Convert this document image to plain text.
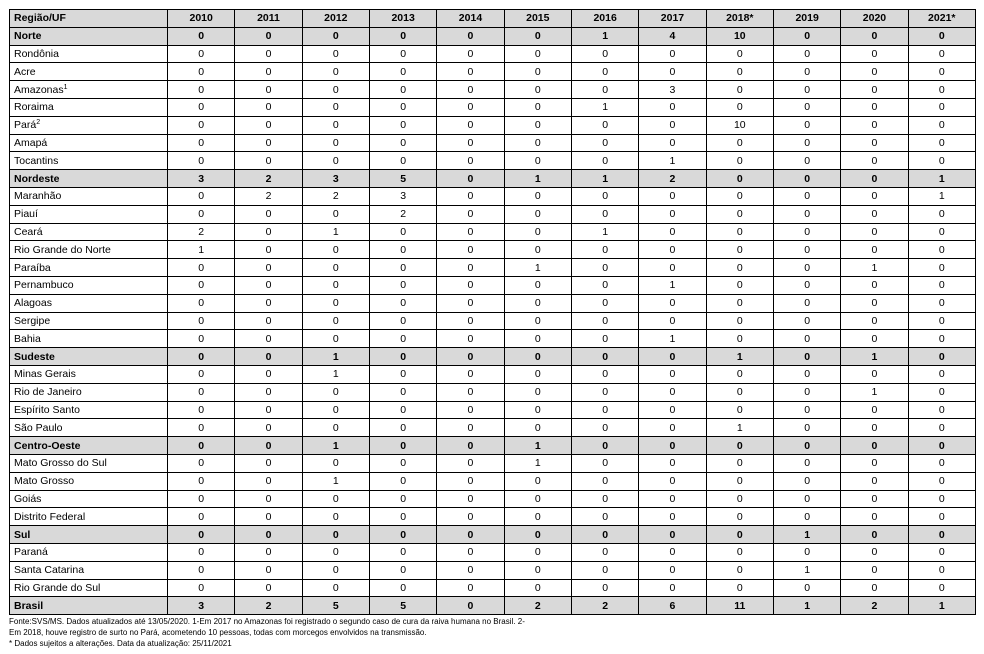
Região/UF	2010	2011	2012	2013	2014	2015	2016	2017	2018*	2019	2020	2021*
Norte	0	0	0	0	0	0	1	4	10	0	0	0
Rondônia	0	0	0	0	0	0	0	0	0	0	0	0
Acre	0	0	0	0	0	0	0	0	0	0	0	0
Amazonas$^1$	0	0	0	0	0	0	0	3	0	0	0	0
Roraima	0	0	0	0	0	0	1	0	0	0	0	0
Pará$^2$	0	0	0	0	0	0	0	0	10	0	0	0
Amapá	0	0	0	0	0	0	0	0	0	0	0	0
Tocantins	0	0	0	0	0	0	0	1	0	0	0	0
Nordeste	3	2	3	5	0	1	1	2	0	0	0	1
Maranhão	0	2	2	3	0	0	0	0	0	0	0	1
Piauí	0	0	0	2	0	0	0	0	0	0	0	0
Ceará	2	0	1	0	0	0	1	0	0	0	0	0
Rio Grande do Norte	1	0	0	0	0	0	0	0	0	0	0	0
Paraíba	0	0	0	0	0	1	0	0	0	0	1	0
Pernambuco	0	0	0	0	0	0	0	1	0	0	0	0
Alagoas	0	0	0	0	0	0	0	0	0	0	0	0
Sergipe	0	0	0	0	0	0	0	0	0	0	0	0
Bahia	0	0	0	0	0	0	0	1	0	0	0	0
Sudeste	0	0	1	0	0	0	0	0	1	0	1	0
Minas Gerais	0	0	1	0	0	0	0	0	0	0	0	0
Rio de Janeiro	0	0	0	0	0	0	0	0	0	0	1	0
Espírito Santo	0	0	0	0	0	0	0	0	0	0	0	0
São Paulo	0	0	0	0	0	0	0	0	1	0	0	0
Centro-Oeste	0	0	1	0	0	1	0	0	0	0	0	0
Mato Grosso do Sul	0	0	0	0	0	1	0	0	0	0	0	0
Mato Grosso	0	0	1	0	0	0	0	0	0	0	0	0
Goiás	0	0	0	0	0	0	0	0	0	0	0	0
Distrito Federal	0	0	0	0	0	0	0	0	0	0	0	0
Sul	0	0	0	0	0	0	0	0	0	1	0	0
Paraná	0	0	0	0	0	0	0	0	0	0	0	0
Santa Catarina	0	0	0	0	0	0	0	0	0	1	0	0
Rio Grande do Sul	0	0	0	0	0	0	0	0	0	0	0	0
Brasil	3	2	5	5	0	2	2	6	11	1	2	1

Fonte:SVS/MS. Dados atualizados até 13/05/2020. 1-Em 2017 no Amazonas foi registrado o segundo caso de cura da raiva humana no Brasil. 2-

Em 2018, houve registro de surto no Pará, acometendo 10 pessoas, todas com morcegos envolvidos na transmissão.

* Dados sujeitos a alterações. Data da atualização: 25/11/2021
